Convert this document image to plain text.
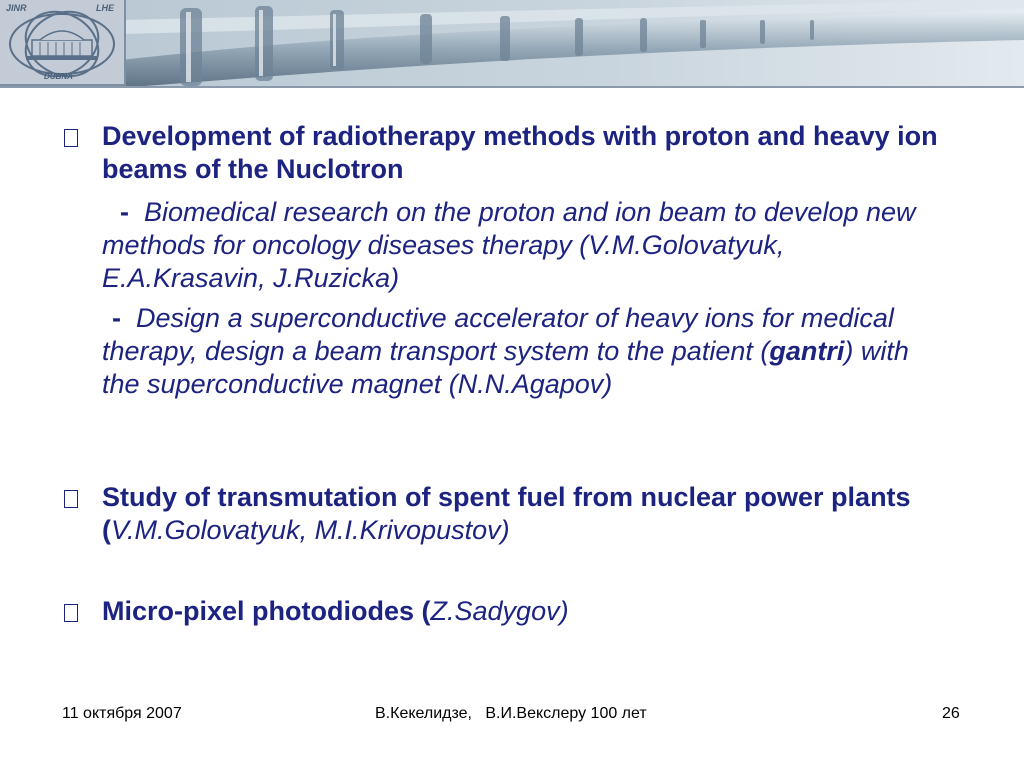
JINR	LHE
DUBNA
Development of radiotherapy methods with proton and heavy ion beams of the Nuclotron
- Biomedical research on the proton and ion beam to develop new methods for oncology diseases therapy (V.M.Golovatyuk, E.A.Krasavin, J.Ruzicka)
- Design a superconductive accelerator of heavy ions for medical therapy, design a beam transport system to the patient (gantri) with the superconductive magnet (N.N.Agapov)
Study of transmutation of spent fuel from nuclear power plants (V.M.Golovatyuk, M.I.Krivopustov)
Micro-pixel photodiodes (Z.Sadygov)
11 октября 2007	В.Кекелидзе,   В.И.Векслеру 100 лет	26
